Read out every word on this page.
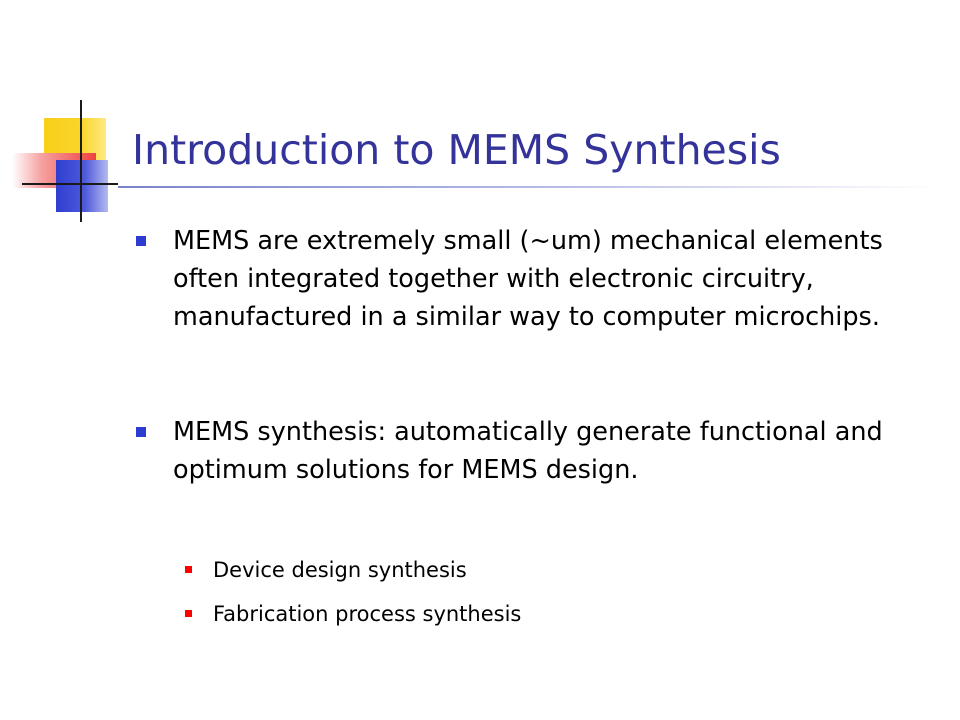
Introduction to MEMS Synthesis
MEMS are extremely small (~um) mechanical elements often integrated together with electronic circuitry, manufactured in a similar way to computer microchips.
MEMS synthesis: automatically generate functional and optimum solutions for MEMS design.
Device design synthesis
Fabrication process synthesis
